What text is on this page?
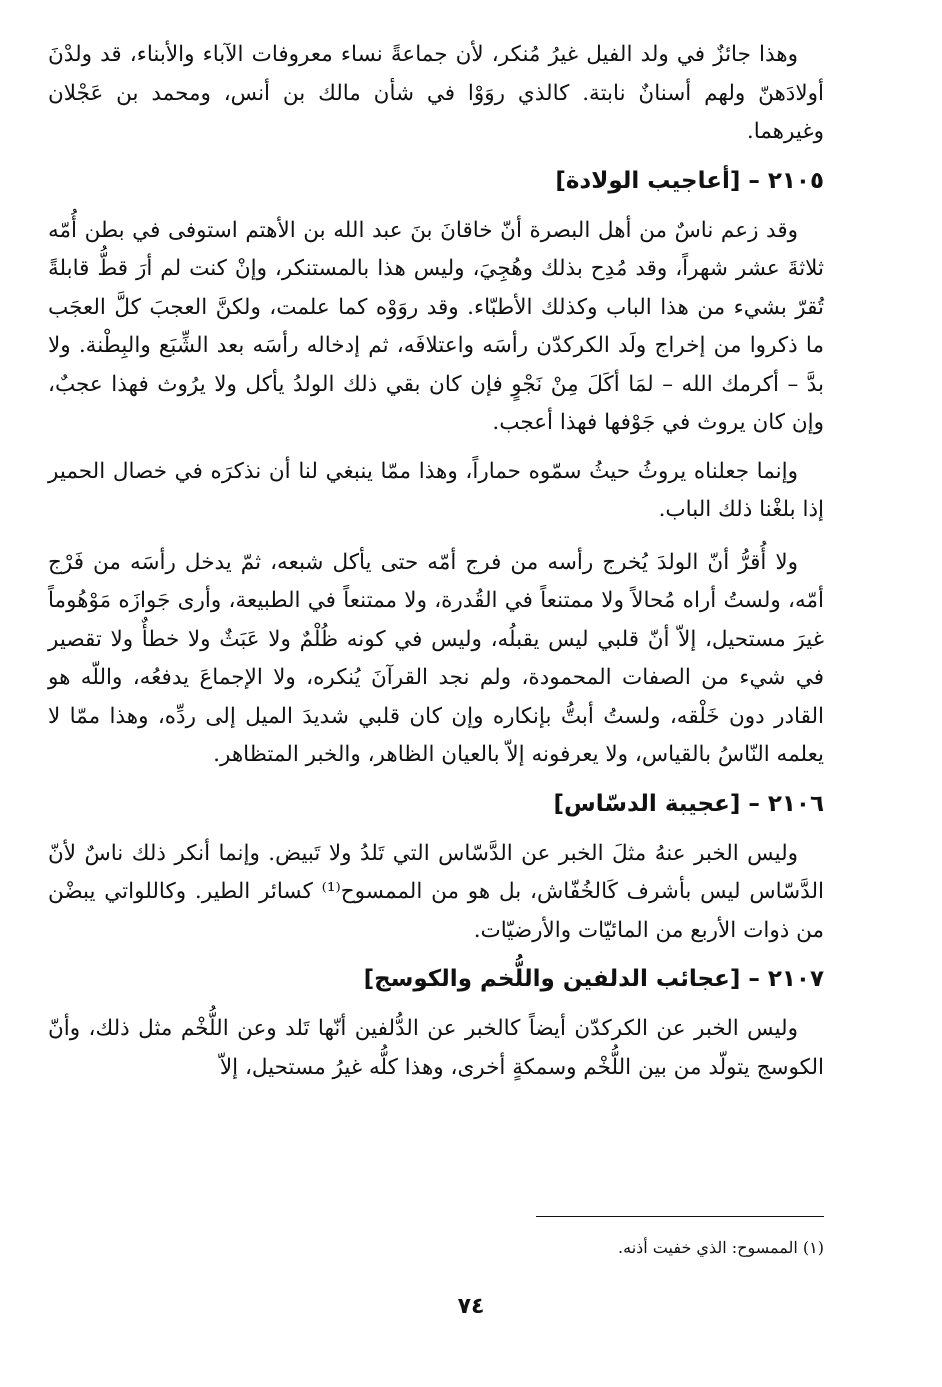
وهذا جائزٌ في ولد الفيل غيرُ مُنكر، لأن جماعةً نساء معروفات الآباء والأبناء، قد ولدْنَ أولادَهنّ ولهم أسنانٌ نابتة. كالذي روَوْا في شأن مالك بن أنس، ومحمد بن عَجْلان وغيرهما.

٢١٠٥–[أعاجيب الولادة]

وقد زعم ناسٌ من أهل البصرة أنّ خاقانَ بنَ عبد الله بن الأهتم استوفى في بطن أُمّه ثلاثةَ عشر شهراً، وقد مُدِح بذلك وهُجِيَ، وليس هذا بالمستنكر، وإنْ كنت لم أرَ قطُّ قابلةً تُقرّ بشيء من هذا الباب وكذلك الأطبّاء. وقد روَوْه كما علمت، ولكنَّ العجبَ كلَّ العجَب ما ذكروا من إخراج ولَد الكركدّن رأسَه واعتلافَه، ثم إدخاله رأسَه بعد الشِّبَع والبِطْنة. ولا بدَّ – أكرمك الله – لمَا أكَلَ مِنْ نَجْوٍ فإن كان بقي ذلك الولدُ يأكل ولا يرُوث فهذا عجبٌ، وإن كان يروث في جَوْفها فهذا أعجب.

وإنما جعلناه يروثُ حيثُ سمّوه حماراً، وهذا ممّا ينبغي لنا أن نذكرَه في خصال الحمير إذا بلغْنا ذلك الباب.

ولا أُقرُّ أنّ الولدَ يُخرج رأسه من فرج أمّه حتى يأكل شبعه، ثمّ يدخل رأسَه من فَرْج أمّه، ولستُ أراه مُحالاً ولا ممتنعاً في القُدرة، ولا ممتنعاً في الطبيعة، وأرى جَوازَه مَوْهُوماً غيرَ مستحيل، إلاّ أنّ قلبي ليس يقبلُه، وليس في كونه ظُلْمٌ ولا عَبَثٌ ولا خطأٌ ولا تقصير في شيء من الصفات المحمودة، ولم نجد القرآنَ يُنكره، ولا الإجماعَ يدفعُه، واللّه هو القادر دون خَلْقه، ولستُ أبتُّ بإنكاره وإن كان قلبي شديدَ الميل إلى ردِّه، وهذا ممّا لا يعلمه النّاسُ بالقياس، ولا يعرفونه إلاّ بالعيان الظاهر، والخبر المتظاهر.

٢١٠٦–[عجيبة الدسّاس]

وليس الخبر عنهُ مثلَ الخبر عن الدَّسّاس التي تَلدُ ولا تَبيض. وإنما أنكر ذلك ناسٌ لأنّ الدَّسّاس ليس بأشرف كَالخُفّاش، بل هو من الممسوح⁽¹⁾ كسائر الطير. وكاللواتي يبضْن من ذوات الأربع من المائيّات والأرضيّات.

٢١٠٧–[عجائب الدلفين واللُّخم والكوسج]

وليس الخبر عن الكركدّن أيضاً كالخبر عن الدُّلفين أنّها تَلد وعن اللُّخْم مثل ذلك، وأنّ الكوسج يتولّد من بين اللُّخْم وسمكةٍ أخرى، وهذا كلُّه غيرُ مستحيل، إلاّ

(١) الممسوح: الذي خفيت أذنه.
٧٤
